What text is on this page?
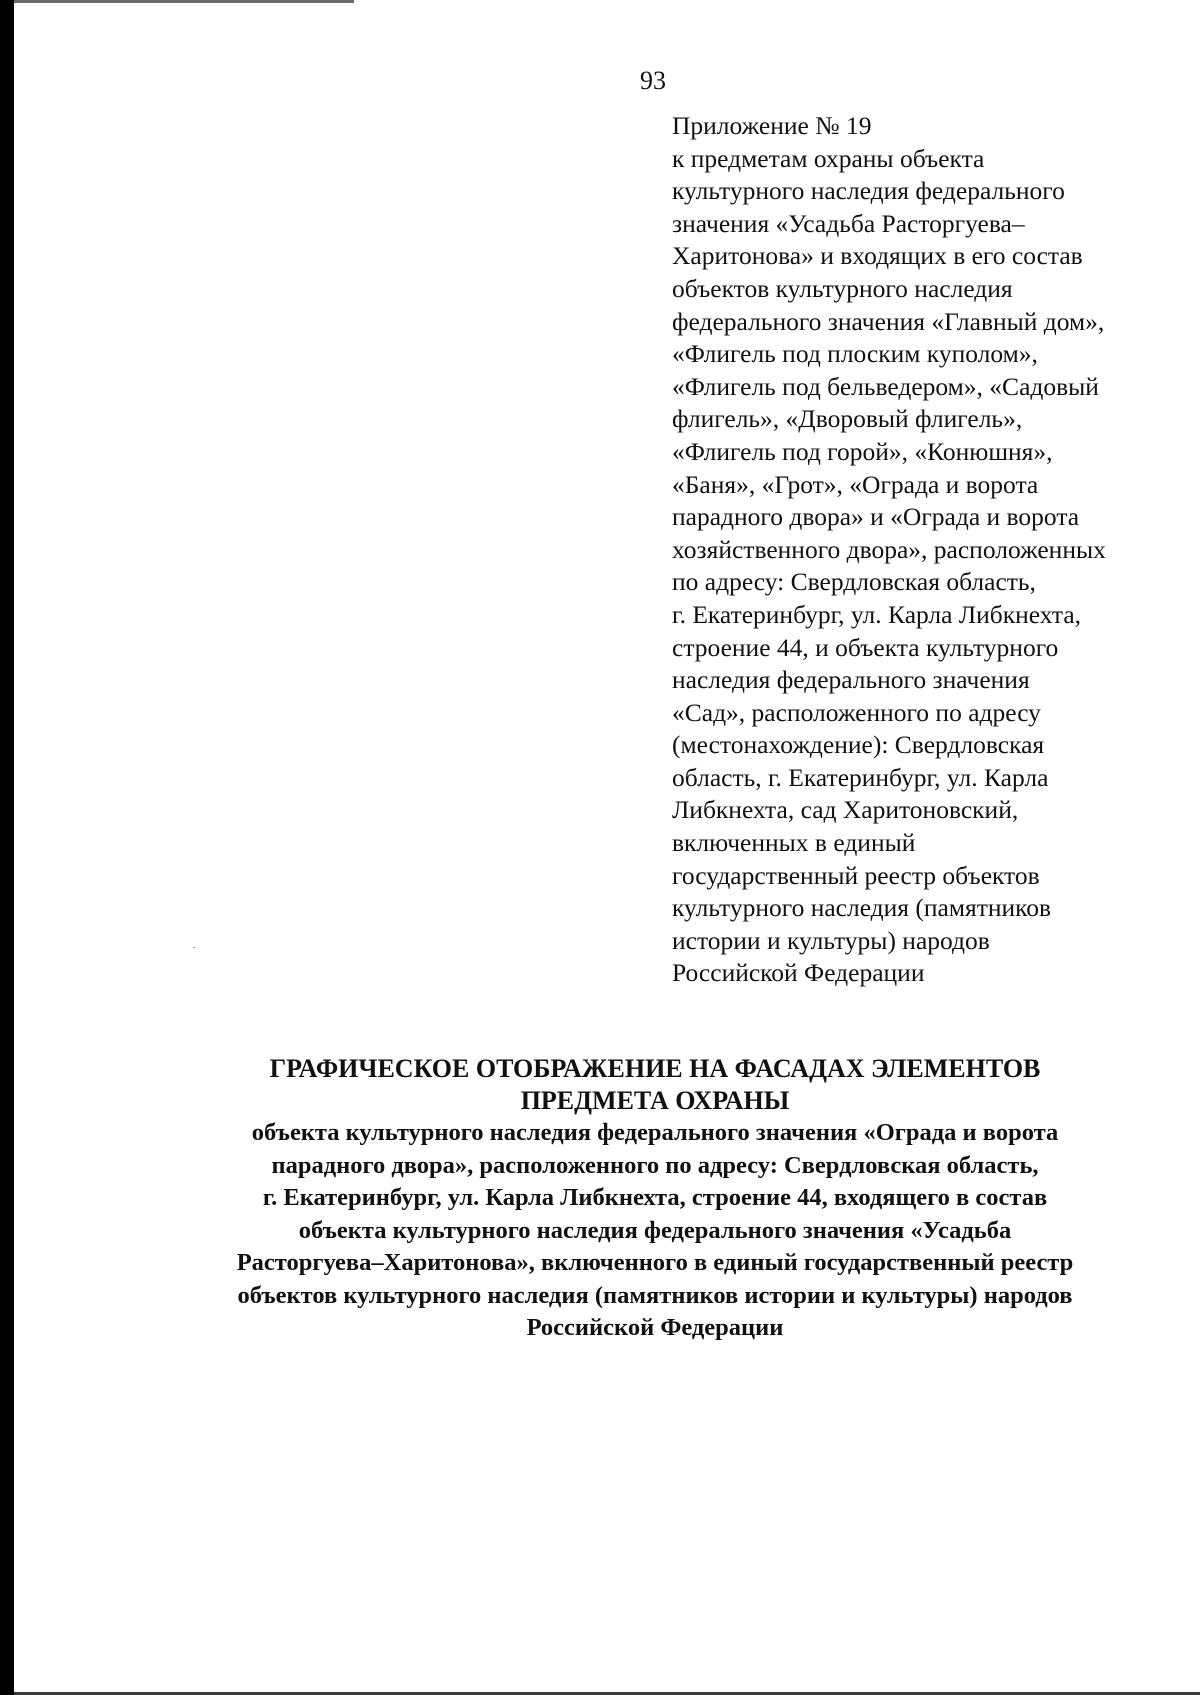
93
Приложение № 19
к предметам охраны объекта
культурного наследия федерального
значения «Усадьба Расторгуева–
Харитонова» и входящих в его состав
объектов культурного наследия
федерального значения «Главный дом»,
«Флигель под плоским куполом»,
«Флигель под бельведером», «Садовый
флигель», «Дворовый флигель»,
«Флигель под горой», «Конюшня»,
«Баня», «Грот», «Ограда и ворота
парадного двора» и «Ограда и ворота
хозяйственного двора», расположенных
по адресу: Свердловская область,
г. Екатеринбург, ул. Карла Либкнехта,
строение 44, и объекта культурного
наследия федерального значения
«Сад», расположенного по адресу
(местонахождение): Свердловская
область, г. Екатеринбург, ул. Карла
Либкнехта, сад Харитоновский,
включенных в единый
государственный реестр объектов
культурного наследия (памятников
истории и культуры) народов
Российской Федерации
ГРАФИЧЕСКОЕ ОТОБРАЖЕНИЕ НА ФАСАДАХ ЭЛЕМЕНТОВ
ПРЕДМЕТА ОХРАНЫ
объекта культурного наследия федерального значения «Ограда и ворота
парадного двора», расположенного по адресу: Свердловская область,
г. Екатеринбург, ул. Карла Либкнехта, строение 44, входящего в состав
объекта культурного наследия федерального значения «Усадьба
Расторгуева–Харитонова», включенного в единый государственный реестр
объектов культурного наследия (памятников истории и культуры) народов
Российской Федерации
